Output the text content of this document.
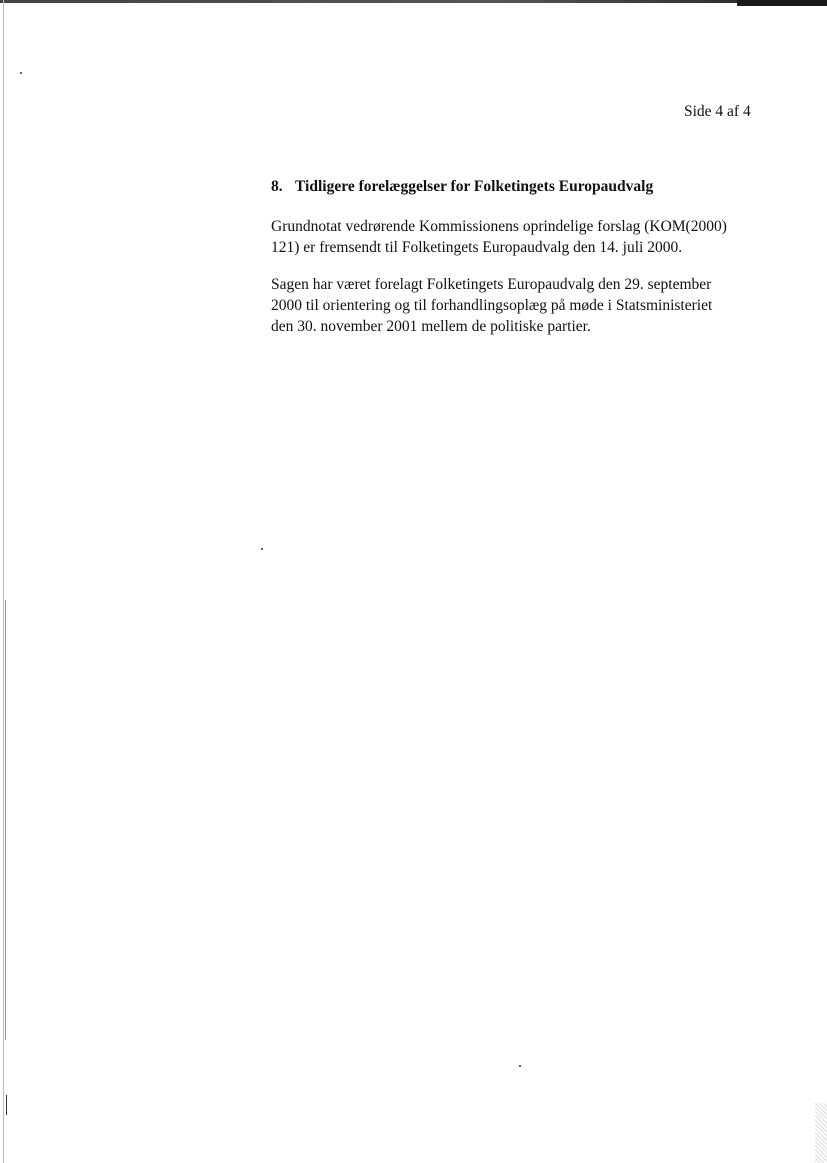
Side 4 af 4
8. Tidligere forelæggelser for Folketingets Europaudvalg
Grundnotat vedrørende Kommissionens oprindelige forslag (KOM(2000)
121) er fremsendt til Folketingets Europaudvalg den 14. juli 2000.
Sagen har været forelagt Folketingets Europaudvalg den 29. september
2000 til orientering og til forhandlingsoplæg på møde i Statsministeriet
den 30. november 2001 mellem de politiske partier.
